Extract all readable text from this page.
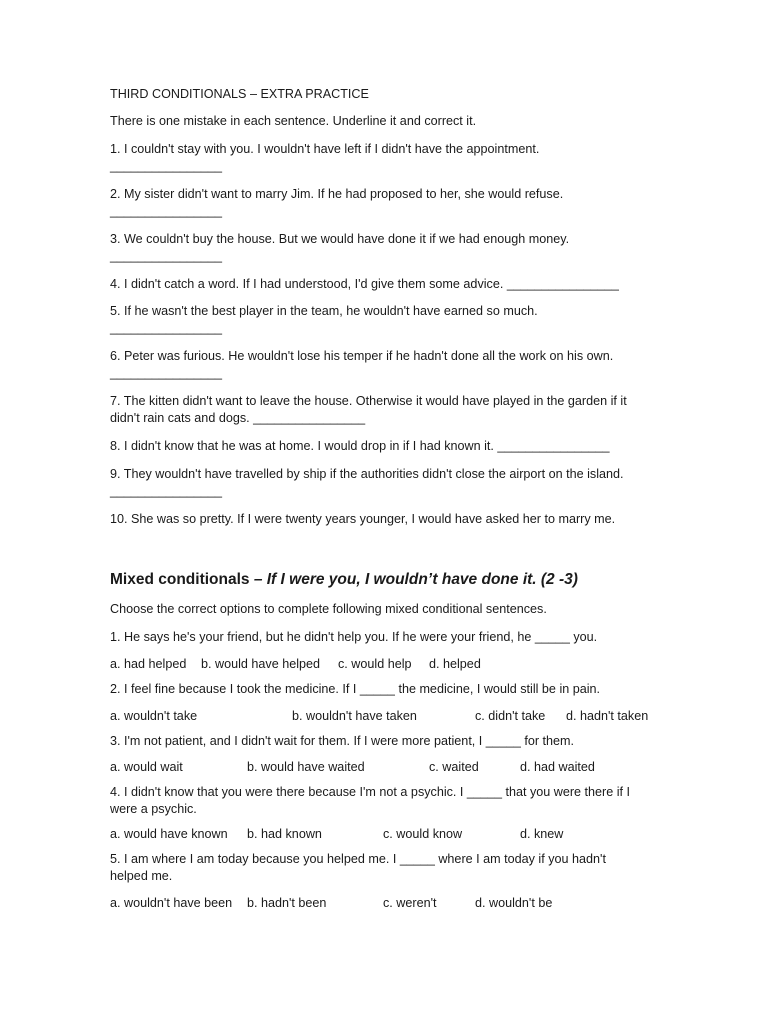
THIRD CONDITIONALS – EXTRA PRACTICE
There is one mistake in each sentence. Underline it and correct it.
1. I couldn't stay with you. I wouldn't have left if I didn't have the appointment.
________________
2. My sister didn't want to marry Jim. If he had proposed to her, she would refuse.
________________
3. We couldn't buy the house. But we would have done it if we had enough money.
________________
4. I didn't catch a word. If I had understood, I'd give them some advice. ________________
5. If he wasn't the best player in the team, he wouldn't have earned so much.
________________
6. Peter was furious. He wouldn't lose his temper if he hadn't done all the work on his own.
________________
7. The kitten didn't want to leave the house. Otherwise it would have played in the garden if it didn't rain cats and dogs. ________________
8. I didn't know that he was at home. I would drop in if I had known it. ________________
9. They wouldn't have travelled by ship if the authorities didn't close the airport on the island.
________________
10. She was so pretty. If I were twenty years younger, I would have asked her to marry me.
Mixed conditionals – If I were you, I wouldn’t have done it. (2 -3)
Choose the correct options to complete following mixed conditional sentences.
1. He says he's your friend, but he didn't help you. If he were your friend, he _____ you.
a. had helped b. would have helped c. would help d. helped
2. I feel fine because I took the medicine. If I _____ the medicine, I would still be in pain.
a. wouldn't take	b. wouldn't have taken	c. didn't take d. hadn't taken
3. I'm not patient, and I didn't wait for them. If I were more patient, I _____ for them.
a. would wait	b. would have waited	c. waited	d. had waited
4. I didn't know that you were there because I'm not a psychic. I _____ that you were there if I were a psychic.
a. would have known b. had known	c. would know	d. knew
5. I am where I am today because you helped me. I _____ where I am today if you hadn't helped me.
a. wouldn't have been b. hadn't been	c. weren't	d. wouldn't be
